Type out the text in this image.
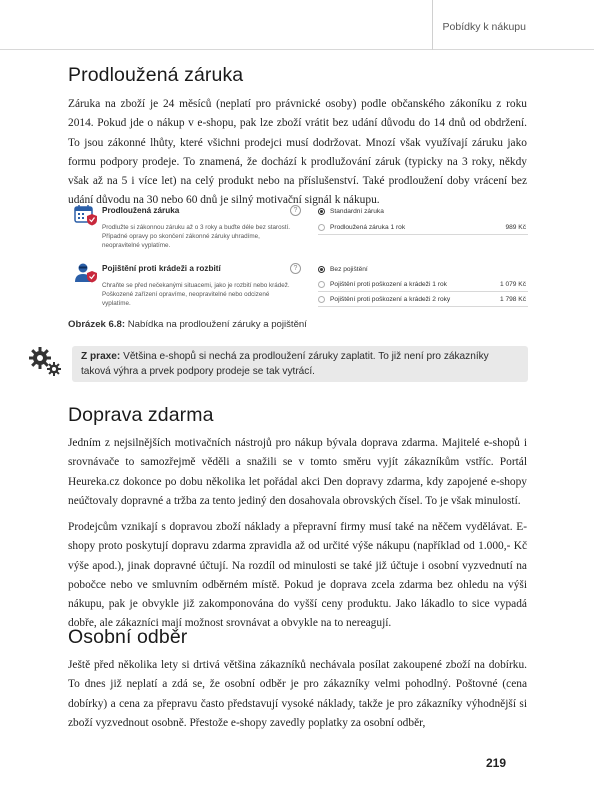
Pobídky k nákupu
Prodloužená záruka

Záruka na zboží je 24 měsíců (neplatí pro právnické osoby) podle občanského zákoníku z roku 2014. Pokud jde o nákup v e-shopu, pak lze zboží vrátit bez udání důvodu do 14 dnů od obdržení. To jsou zákonné lhůty, které všichni prodejci musí dodržovat. Mnozí však využívají záruku jako formu podpory prodeje. To znamená, že dochází k prodlužování záruk (typicky na 3 roky, někdy však až na 5 i více let) na celý produkt nebo na příslušenství. Také prodloužení doby vrácení bez udání důvodu na 30 nebo 60 dnů je silný motivační signál k nákupu.

Prodloužená záruka
Prodlužte si zákonnou záruku až o 3 roky a buďte déle bez starostí. Případné opravy po skončení zákonné záruky uhradíme, neopravitelné vyplatíme.
?	Standardní záruka
Prodloužená záruka 1 rok	989 Kč
Pojištění proti krádeži a rozbití
Chraňte se před nečekanými situacemi, jako je rozbití nebo krádež. Poškozené zařízení opravíme, neopravitelné nebo odcizené vyplatíme.
?	Bez pojištění
Pojištění proti poškození a krádeži 1 rok	1 079 Kč
Pojištění proti poškození a krádeži 2 roky	1 798 Kč
Obrázek 6.8: Nabídka na prodloužení záruky a pojištění
Z praxe: Většina e-shopů si nechá za prodloužení záruky zaplatit. To již není pro zákazníky taková výhra a prvek podpory prodeje se tak vytrácí.
Doprava zdarma

Jedním z nejsilnějších motivačních nástrojů pro nákup bývala doprava zdarma. Majitelé e-shopů i srovnávače to samozřejmě věděli a snažili se v tomto směru vyjít zákazníkům vstříc. Portál Heureka.cz dokonce po dobu několika let pořádal akci Den dopravy zdarma, kdy zapojené e-shopy neúčtovaly dopravné a tržba za tento jediný den dosahovala obrovských čísel. To je však minulostí.

Prodejcům vznikají s dopravou zboží náklady a přepravní firmy musí také na něčem vydělávat. E-shopy proto poskytují dopravu zdarma zpravidla až od určité výše nákupu (například od 1.000,- Kč výše apod.), jinak dopravné účtují. Na rozdíl od minulosti se také již účtuje i osobní vyzvednutí na pobočce nebo ve smluvním odběrném místě. Pokud je doprava zcela zdarma bez ohledu na výši nákupu, pak je obvykle již zakomponována do vyšší ceny produktu. Jako lákadlo to sice vypadá dobře, ale zákazníci mají možnost srovnávat a obvykle na to nereagují.

Osobní odběr

Ještě před několika lety si drtivá většina zákazníků nechávala posílat zakoupené zboží na dobírku. To dnes již neplatí a zdá se, že osobní odběr je pro zákazníky velmi pohodlný. Poštovné (cena dobírky) a cena za přepravu často představují vysoké náklady, takže je pro zákazníky výhodnější si zboží vyzvednout osobně. Přestože e-shopy zavedly poplatky za osobní odběr,

219
